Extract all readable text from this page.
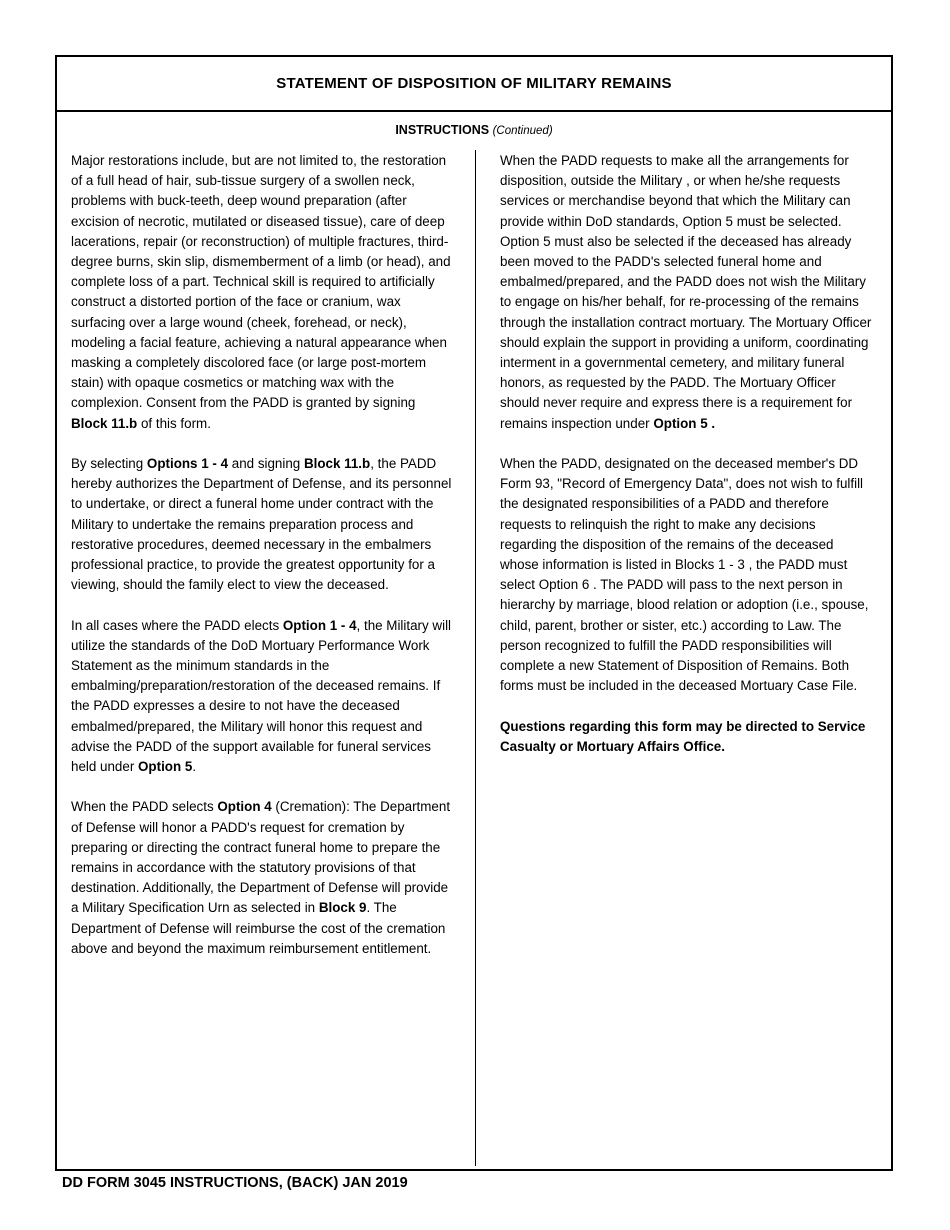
STATEMENT OF DISPOSITION OF MILITARY REMAINS
INSTRUCTIONS (Continued)

Major restorations include, but are not limited to, the restoration of a full head of hair, sub-tissue surgery of a swollen neck, problems with buck-teeth, deep wound preparation (after excision of necrotic, mutilated or diseased tissue), care of deep lacerations, repair (or reconstruction) of multiple fractures, third-degree burns, skin slip, dismemberment of a limb (or head), and complete loss of a part. Technical skill is required to artificially construct a distorted portion of the face or cranium, wax surfacing over a large wound (cheek, forehead, or neck), modeling a facial feature, achieving a natural appearance when masking a completely discolored face (or large post-mortem stain) with opaque cosmetics or matching wax with the complexion. Consent from the PADD is granted by signing Block 11.b of this form.

By selecting Options 1 - 4 and signing Block 11.b, the PADD hereby authorizes the Department of Defense, and its personnel to undertake, or direct a funeral home under contract with the Military to undertake the remains preparation process and restorative procedures, deemed necessary in the embalmers professional practice, to provide the greatest opportunity for a viewing, should the family elect to view the deceased.

In all cases where the PADD elects Option 1 - 4, the Military will utilize the standards of the DoD Mortuary Performance Work Statement as the minimum standards in the embalming/preparation/restoration of the deceased remains. If the PADD expresses a desire to not have the deceased embalmed/prepared, the Military will honor this request and advise the PADD of the support available for funeral services held under Option 5.

When the PADD selects Option 4 (Cremation): The Department of Defense will honor a PADD's request for cremation by preparing or directing the contract funeral home to prepare the remains in accordance with the statutory provisions of that destination. Additionally, the Department of Defense will provide a Military Specification Urn as selected in Block 9. The Department of Defense will reimburse the cost of the cremation above and beyond the maximum reimbursement entitlement.

When the PADD requests to make all the arrangements for disposition, outside the Military , or when he/she requests services or merchandise beyond that which the Military can provide within DoD standards, Option 5 must be selected. Option 5 must also be selected if the deceased has already been moved to the PADD's selected funeral home and embalmed/prepared, and the PADD does not wish the Military to engage on his/her behalf, for re-processing of the remains through the installation contract mortuary. The Mortuary Officer should explain the support in providing a uniform, coordinating interment in a governmental cemetery, and military funeral honors, as requested by the PADD. The Mortuary Officer should never require and express there is a requirement for remains inspection under Option 5 .

When the PADD, designated on the deceased member's DD Form 93, "Record of Emergency Data", does not wish to fulfill the designated responsibilities of a PADD and therefore requests to relinquish the right to make any decisions regarding the disposition of the remains of the deceased whose information is listed in Blocks 1 - 3 , the PADD must select Option 6 . The PADD will pass to the next person in hierarchy by marriage, blood relation or adoption (i.e., spouse, child, parent, brother or sister, etc.) according to Law. The person recognized to fulfill the PADD responsibilities will complete a new Statement of Disposition of Remains. Both forms must be included in the deceased Mortuary Case File.

Questions regarding this form may be directed to Service Casualty or Mortuary Affairs Office.

DD FORM 3045 INSTRUCTIONS, (BACK) JAN 2019
